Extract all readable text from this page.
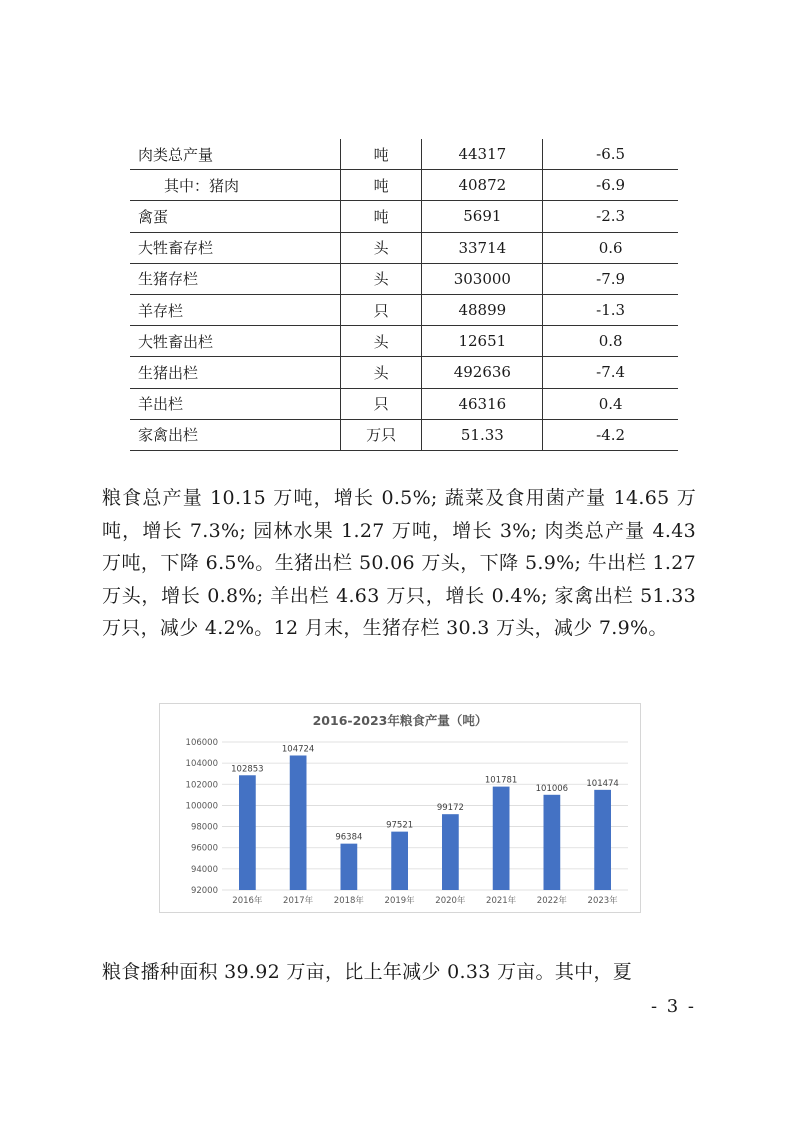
肉类总产量	吨	44317	-6.5
其中：猪肉	吨	40872	-6.9
禽蛋	吨	5691	-2.3
大牲畜存栏	头	33714	0.6
生猪存栏	头	303000	-7.9
羊存栏	只	48899	-1.3
大牲畜出栏	头	12651	0.8
生猪出栏	头	492636	-7.4
羊出栏	只	46316	0.4
家禽出栏	万只	51.33	-4.2

粮食总产量 10.15 万吨，增长 0.5%; 蔬菜及食用菌产量 14.65 万吨，增长 7.3%; 园林水果 1.27 万吨，增长 3%; 肉类总产量 4.43 万吨，下降 6.5%。生猪出栏 50.06 万头，下降 5.9%; 牛出栏 1.27 万头，增长 0.8%; 羊出栏 4.63 万只，增长 0.4%; 家禽出栏 51.33 万只，减少 4.2%。12 月末，生猪存栏 30.3 万头，减少 7.9%。

2016-2023年粮食产量（吨）
92000
94000
96000
98000
100000
102000
104000
106000
102853
2016年
104724
2017年
96384
2018年
97521
2019年
99172
2020年
101781
2021年
101006
2022年
101474
2023年

粮食播种面积 39.92 万亩，比上年减少 0.33 万亩。其中，夏

- 3 -
